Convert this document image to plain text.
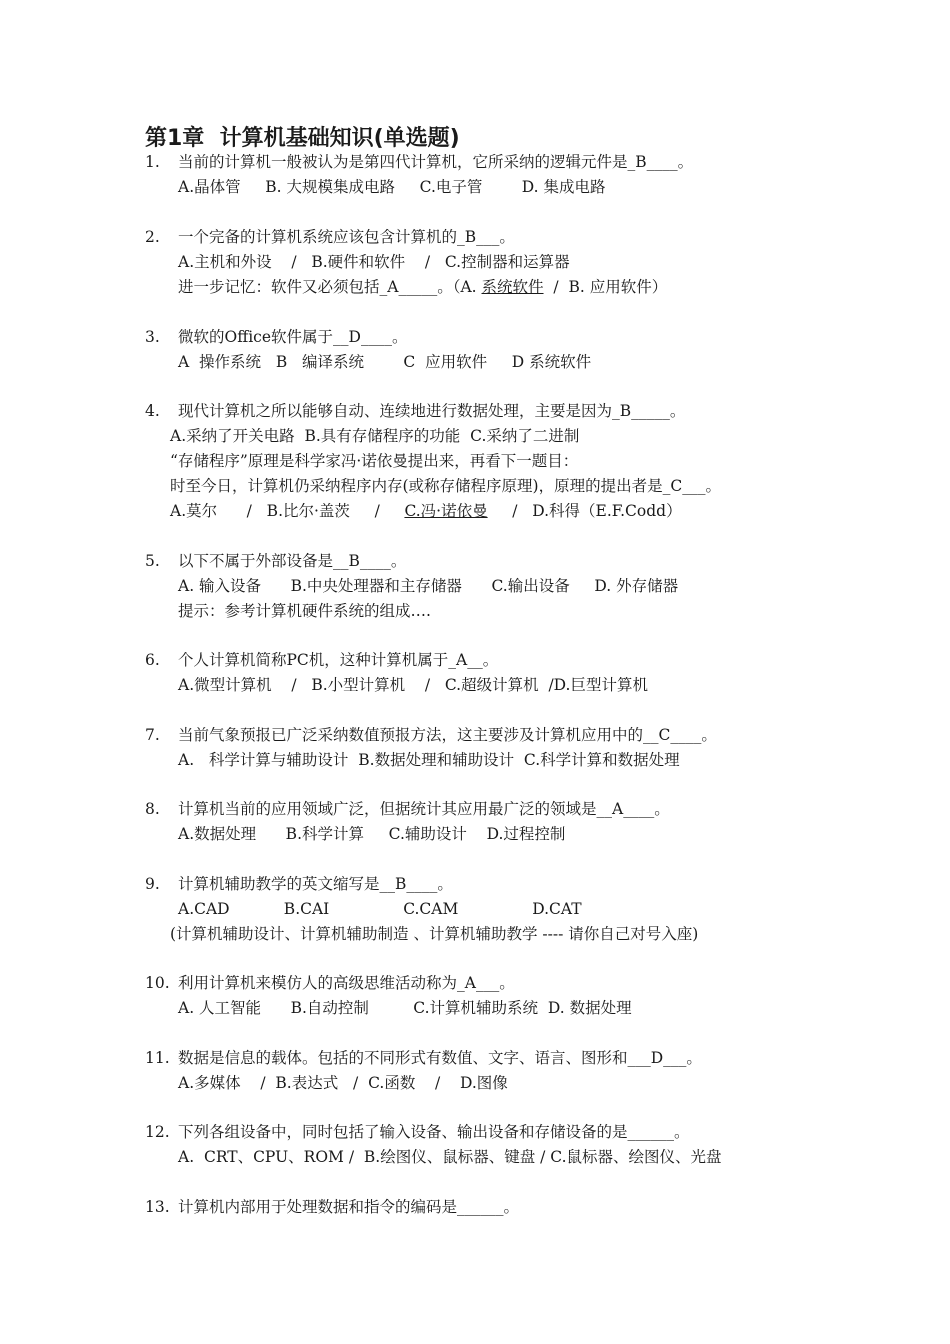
第1章  计算机基础知识(单选题)
1. 当前的计算机一般被认为是第四代计算机，它所采纳的逻辑元件是_B____。
A.晶体管     B. 大规模集成电路     C.电子管        D. 集成电路
2. 一个完备的计算机系统应该包含计算机的_B___。
A.主机和外设    /   B.硬件和软件    /   C.控制器和运算器
进一步记忆：软件又必须包括_A_____。（A. 系统软件  /  B. 应用软件）
3. 微软的Office软件属于__D____。
A  操作系统   B   编译系统        C  应用软件     D 系统软件
4. 现代计算机之所以能够自动、连续地进行数据处理，主要是因为_B_____。
A.采纳了开关电路  B.具有存储程序的功能  C.采纳了二进制
“存储程序”原理是科学家冯·诺依曼提出来，再看下一题目：
时至今日，计算机仍采纳程序内存(或称存储程序原理)，原理的提出者是_C___。
A.莫尔      /   B.比尔·盖茨     /     C.冯·诺依曼     /   D.科得（E.F.Codd）
5. 以下不属于外部设备是__B____。
A. 输入设备      B.中央处理器和主存储器      C.输出设备     D. 外存储器
提示：参考计算机硬件系统的组成….
6. 个人计算机简称PC机，这种计算机属于_A__。
A.微型计算机    /   B.小型计算机    /   C.超级计算机  /D.巨型计算机
7. 当前气象预报已广泛采纳数值预报方法，这主要涉及计算机应用中的__C____。
A.   科学计算与辅助设计  B.数据处理和辅助设计  C.科学计算和数据处理
8. 计算机当前的应用领域广泛，但据统计其应用最广泛的领域是__A____。
A.数据处理      B.科学计算     C.辅助设计    D.过程控制
9. 计算机辅助教学的英文缩写是__B____。
A.CAD           B.CAI               C.CAM               D.CAT
(计算机辅助设计、计算机辅助制造 、计算机辅助教学 ---- 请你自己对号入座)
10. 利用计算机来模仿人的高级思维活动称为_A___。
A. 人工智能      B.自动控制         C.计算机辅助系统  D. 数据处理
11. 数据是信息的载体。包括的不同形式有数值、文字、语言、图形和___D___。
A.多媒体    /  B.表达式   /  C.函数    /    D.图像
12. 下列各组设备中，同时包括了输入设备、输出设备和存储设备的是______。
A.  CRT、CPU、ROM /  B.绘图仪、鼠标器、键盘 / C.鼠标器、绘图仪、光盘
13. 计算机内部用于处理数据和指令的编码是______。
